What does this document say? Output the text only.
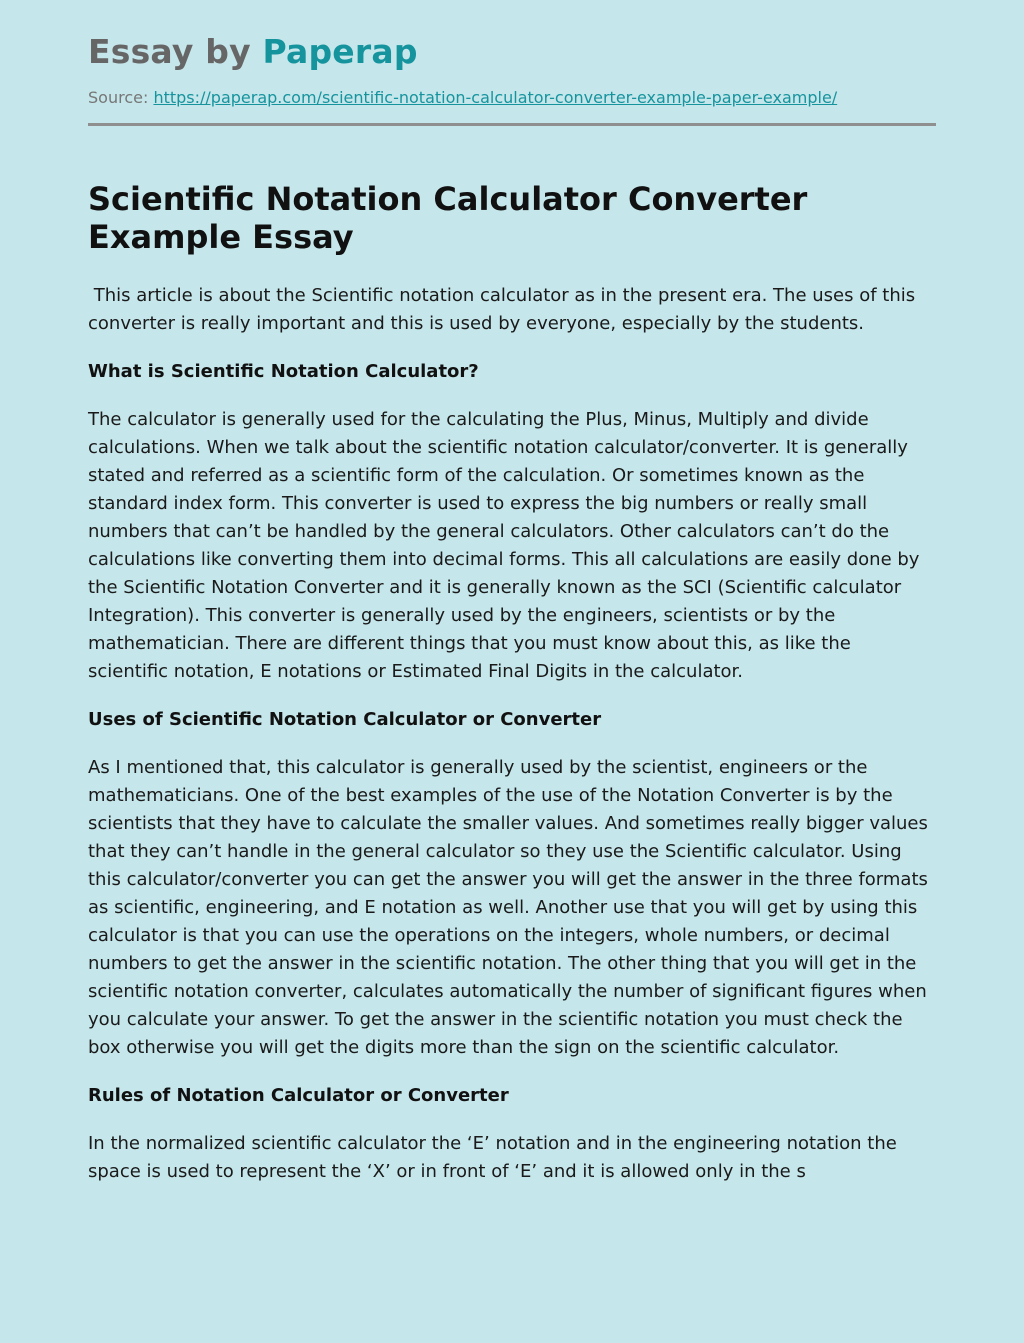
Essay by Paperap
Source: https://paperap.com/scientific-notation-calculator-converter-example-paper-example/
Scientific Notation Calculator Converter Example Essay

This article is about the Scientific notation calculator as in the present era. The uses of this converter is really important and this is used by everyone, especially by the students.

What is Scientific Notation Calculator?

The calculator is generally used for the calculating the Plus, Minus, Multiply and divide calculations. When we talk about the scientific notation calculator/converter. It is generally stated and referred as a scientific form of the calculation. Or sometimes known as the standard index form. This converter is used to express the big numbers or really small numbers that can’t be handled by the general calculators. Other calculators can’t do the calculations like converting them into decimal forms. This all calculations are easily done by the Scientific Notation Converter and it is generally known as the SCI (Scientific calculator Integration). This converter is generally used by the engineers, scientists or by the mathematician. There are different things that you must know about this, as like the scientific notation, E notations or Estimated Final Digits in the calculator.

Uses of Scientific Notation Calculator or Converter

As I mentioned that, this calculator is generally used by the scientist, engineers or the mathematicians. One of the best examples of the use of the Notation Converter is by the scientists that they have to calculate the smaller values. And sometimes really bigger values that they can’t handle in the general calculator so they use the Scientific calculator. Using this calculator/converter you can get the answer you will get the answer in the three formats as scientific, engineering, and E notation as well. Another use that you will get by using this calculator is that you can use the operations on the integers, whole numbers, or decimal numbers to get the answer in the scientific notation. The other thing that you will get in the scientific notation converter, calculates automatically the number of significant figures when you calculate your answer. To get the answer in the scientific notation you must check the box otherwise you will get the digits more than the sign on the scientific calculator.

Rules of Notation Calculator or Converter

In the normalized scientific calculator the ‘E’ notation and in the engineering notation the space is used to represent the ‘X’ or in front of ‘E’ and it is allowed only in the s
